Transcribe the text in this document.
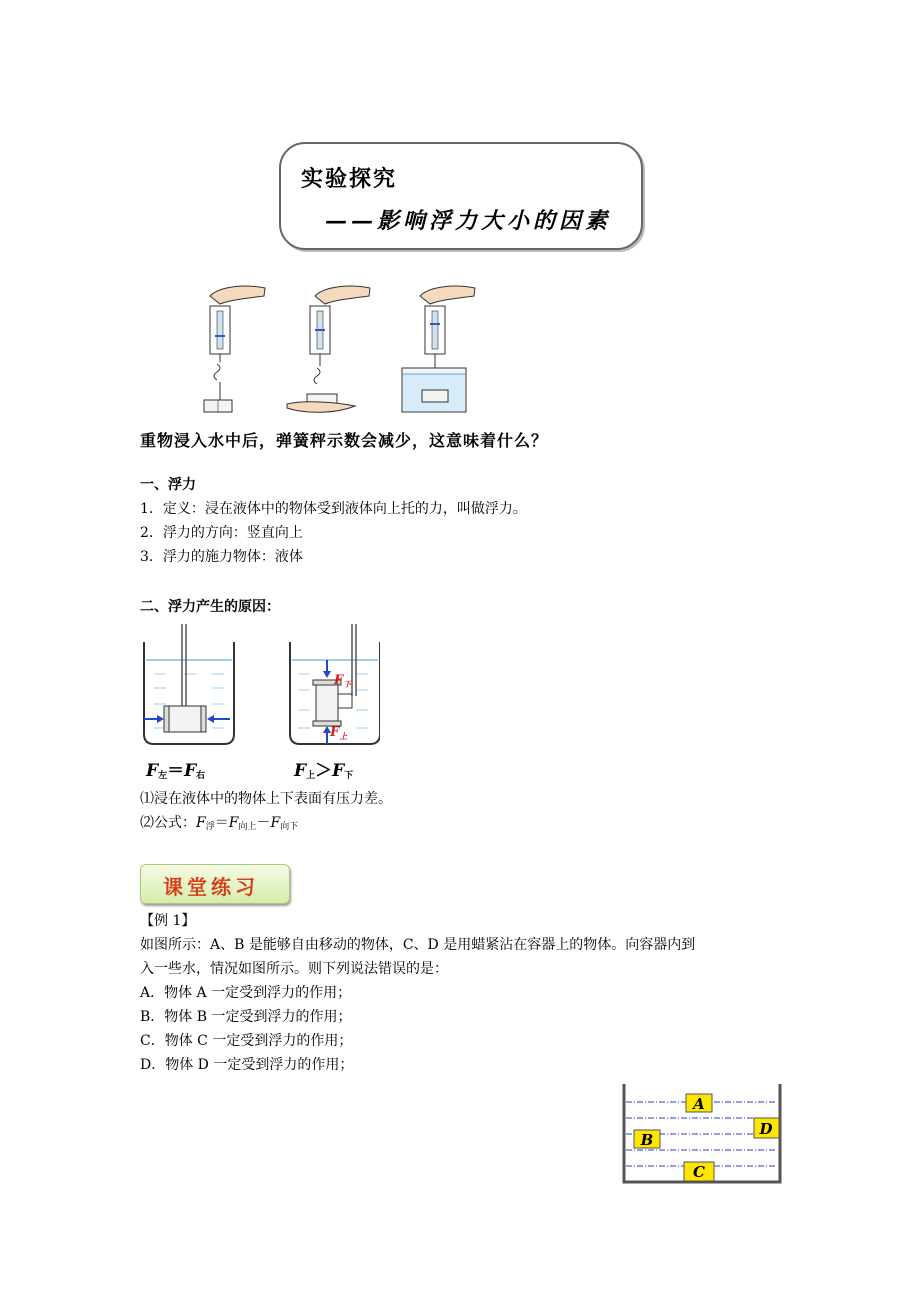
实验探究
——影响浮力大小的因素
重物浸入水中后，弹簧秤示数会减少，这意味着什么？
一、浮力
1．定义：浸在液体中的物体受到液体向上托的力，叫做浮力。
2．浮力的方向：竖直向上
3．浮力的施力物体：液体
二、浮力产生的原因：
$F_下$
$F_上$
$F_左=F_右$	$F_上>F_下$
⑴浸在液体中的物体上下表面有压力差。
⑵公式：$F_浮=F_{向上}-F_{向下}$
课堂练习
【例 1】
如图所示：A、B 是能够自由移动的物体，C、D 是用蜡紧沾在容器上的物体。向容器内到
入一些水，情况如图所示。则下列说法错误的是：
A．物体 A 一定受到浮力的作用；
B．物体 B 一定受到浮力的作用；
C．物体 C 一定受到浮力的作用；
D．物体 D 一定受到浮力的作用；
A
B
C
D
